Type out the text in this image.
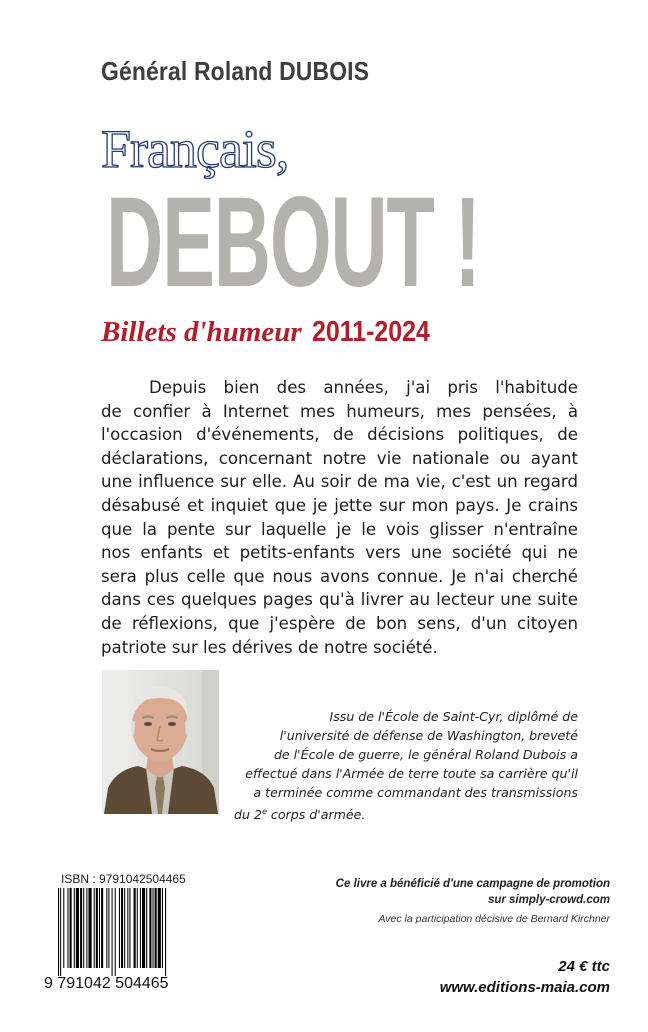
Général Roland DUBOIS
Français,
DEBOUT !
Billets d'humeur 2011-2024

Depuis bien des années, j'ai pris l'habitude
de confier à Internet mes humeurs, mes pensées, à
l'occasion d'événements, de décisions politiques, de
déclarations, concernant notre vie nationale ou ayant
une influence sur elle. Au soir de ma vie, c'est un regard
désabusé et inquiet que je jette sur mon pays. Je crains
que la pente sur laquelle je le vois glisser n'entraîne
nos enfants et petits-enfants vers une société qui ne
sera plus celle que nous avons connue. Je n'ai cherché
dans ces quelques pages qu'à livrer au lecteur une suite
de réflexions, que j'espère de bon sens, d'un citoyen
patriote sur les dérives de notre société.

Issu de l'École de Saint-Cyr, diplômé de
l'université de défense de Washington, breveté
de l'École de guerre, le général Roland Dubois a
effectué dans l'Armée de terre toute sa carrière qu'il
a terminée comme commandant des transmissions
du 2e corps d'armée.
ISBN : 9791042504465
9 791042 504465
Ce livre a bénéficié d'une campagne de promotion
sur simply-crowd.com
Avec la participation décisive de Bernard Kirchner
24 € ttc
www.editions-maia.com
